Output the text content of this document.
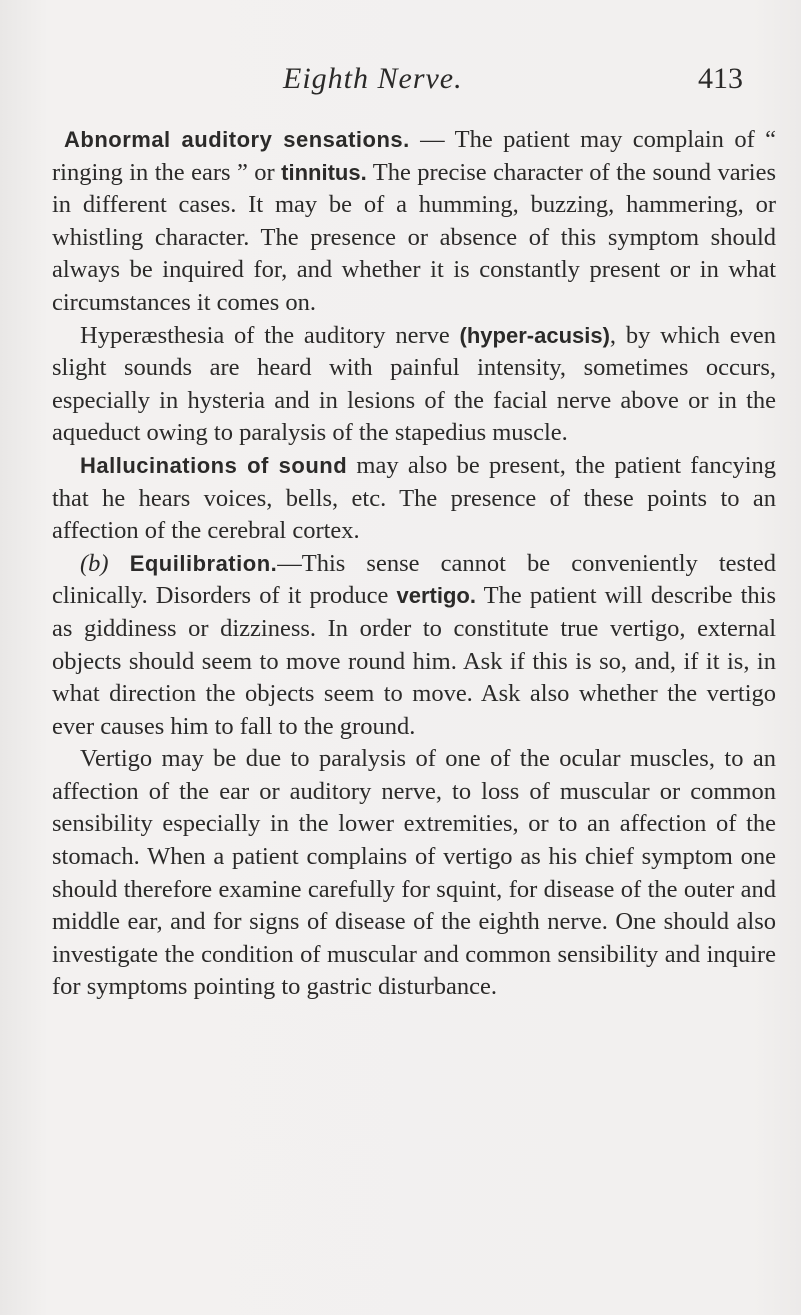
Eighth Nerve.	413

Abnormal auditory sensations. — The patient may complain of “ ringing in the ears ” or tinnitus. The precise character of the sound varies in different cases. It may be of a humming, buzzing, hammering, or whistling character. The presence or absence of this symptom should always be inquired for, and whether it is constantly present or in what circumstances it comes on.

Hyperæsthesia of the auditory nerve (hyper-acusis), by which even slight sounds are heard with painful intensity, sometimes occurs, especially in hysteria and in lesions of the facial nerve above or in the aqueduct owing to paralysis of the stapedius muscle.

Hallucinations of sound may also be present, the patient fancying that he hears voices, bells, etc. The presence of these points to an affection of the cerebral cortex.

(b) Equilibration.—This sense cannot be conveniently tested clinically. Disorders of it produce vertigo. The patient will describe this as giddiness or dizziness. In order to constitute true vertigo, external objects should seem to move round him. Ask if this is so, and, if it is, in what direction the objects seem to move. Ask also whether the vertigo ever causes him to fall to the ground.

Vertigo may be due to paralysis of one of the ocular muscles, to an affection of the ear or auditory nerve, to loss of muscular or common sensibility especially in the lower extremities, or to an affection of the stomach. When a patient complains of vertigo as his chief symptom one should therefore examine carefully for squint, for disease of the outer and middle ear, and for signs of disease of the eighth nerve. One should also investigate the condition of muscular and common sensibility and inquire for symptoms pointing to gastric disturbance.
